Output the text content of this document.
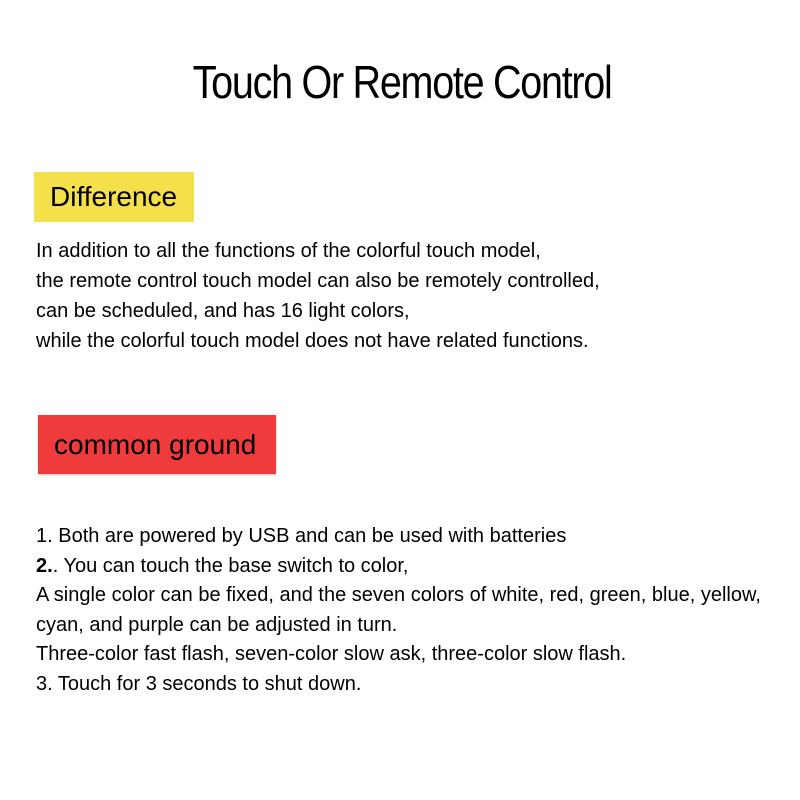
Touch Or Remote Control
Difference
In addition to all the functions of the colorful touch model,
the remote control touch model can also be remotely controlled,
can be scheduled, and has 16 light colors,
while the colorful touch model does not have related functions.
common ground
1. Both are powered by USB and can be used with batteries
2.. You can touch the base switch to color,
A single color can be fixed, and the seven colors of white, red, green, blue, yellow,
cyan, and purple can be adjusted in turn.
Three-color fast flash, seven-color slow ask, three-color slow flash.
3. Touch for 3 seconds to shut down.
